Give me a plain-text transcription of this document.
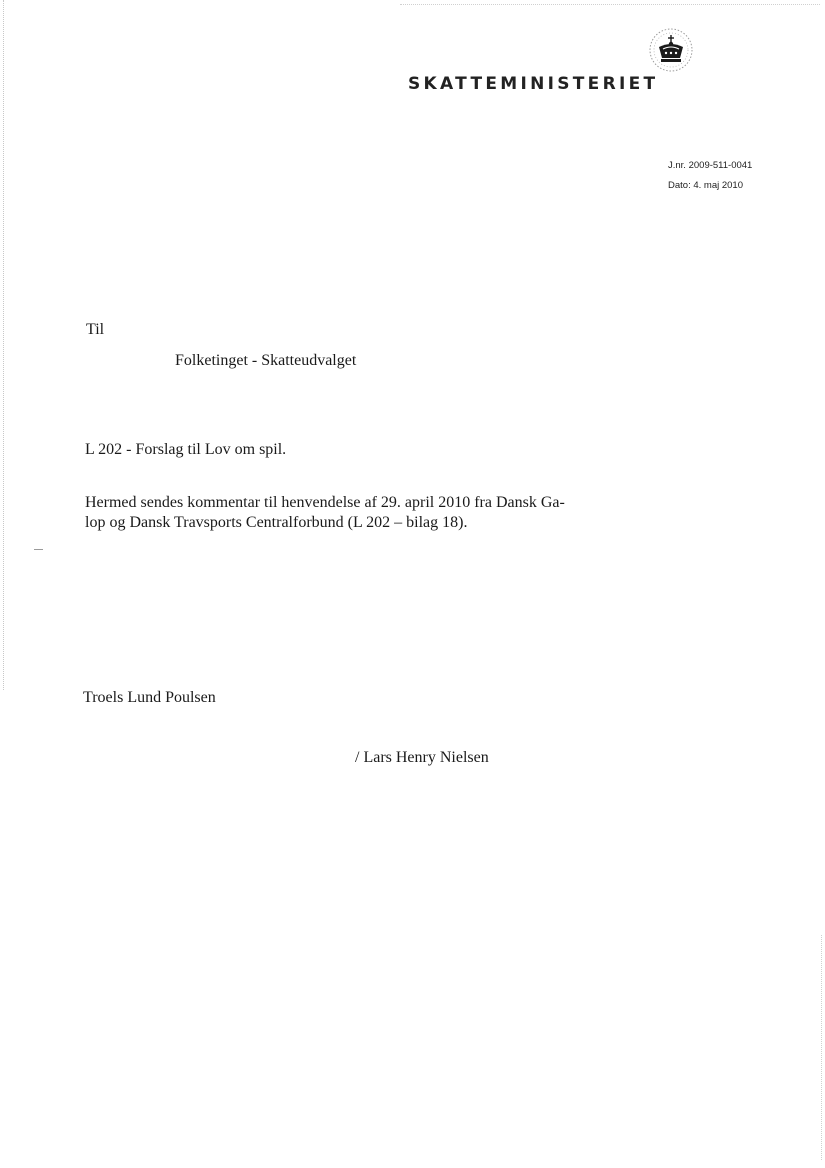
SKATTEMINISTERIET
J.nr. 2009-511-0041
Dato: 4. maj 2010
Til
Folketinget - Skatteudvalget
L 202 - Forslag til Lov om spil.
Hermed sendes kommentar til henvendelse af 29. april 2010 fra Dansk Ga-
lop og Dansk Travsports Centralforbund (L 202 – bilag 18).
Troels Lund Poulsen
/ Lars Henry Nielsen
